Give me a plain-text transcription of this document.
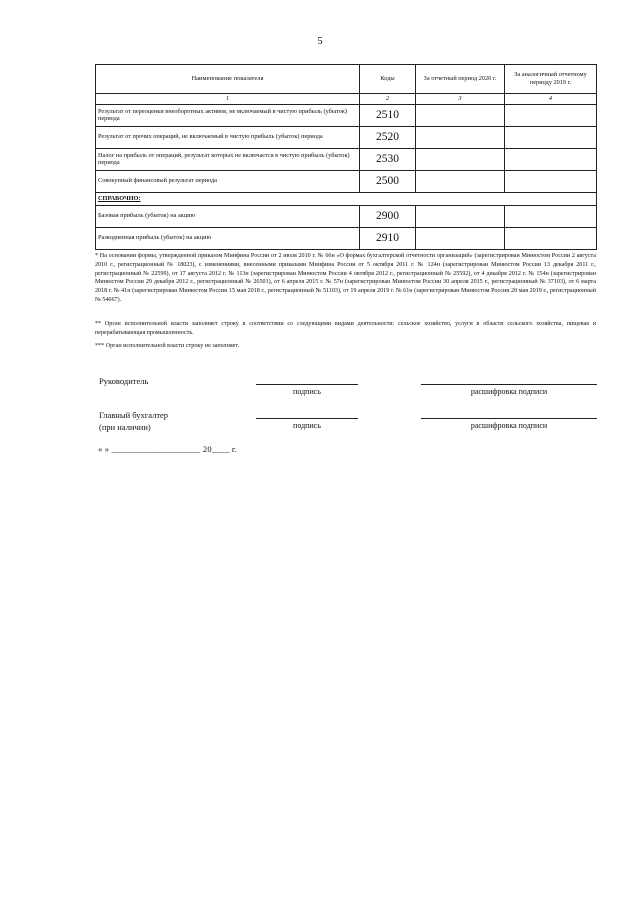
5
Наименование показателя	Коды	За отчетный период 2020 г.	За аналогичный отчетному периоду 2019 г.
1	2	3	4
Результат от переоценки внеоборотных активов, не включаемый в чистую прибыль (убыток) периода	2510		
Результат от прочих операций, не включаемый в чистую прибыль (убыток) периода	2520		
Налог на прибыль от операций, результат которых не включается в чистую прибыль (убыток) периода	2530		
Совокупный финансовый результат периода	2500		
СПРАВОЧНО:			
Базовая прибыль (убыток) на акцию	2900		
Разводненная прибыль (убыток) на акцию	2910		
* На основании формы, утвержденной приказом Минфина России от 2 июля 2010 г. № 66н «О формах бухгалтерской отчетности организаций» (зарегистрирован Минюстом России 2 августа 2010 г., регистрационный № 18023), с изменениями, внесенными приказами Минфина России от 5 октября 2011 г. № 124н (зарегистрирован Минюстом России 13 декабря 2011 г., регистрационный № 22599), от 17 августа 2012 г. № 113н (зарегистрирован Минюстом России 4 октября 2012 г., регистрационный № 25592), от 4 декабря 2012 г. № 154н (зарегистрирован Минюстом России 29 декабря 2012 г., регистрационный № 26501), от 6 апреля 2015 г. № 57н (зарегистрирован Минюстом России 30 апреля 2015 г., регистрационный № 37103), от 6 марта 2018 г. № 41н (зарегистрирован Минюстом России 15 мая 2018 г., регистрационный № 51103), от 19 апреля 2019 г. № 61н (зарегистрирован Минюстом России 20 мая 2019 г., регистрационный № 54667).
** Орган исполнительной власти заполняет строку в соответствии со следующими видами деятельности: сельское хозяйство, услуги в области сельского хозяйства, пищевая и перерабатывающая промышленность.
*** Орган исполнительной власти строку не заполняет.
Руководитель
подпись	расшифровка подписи
Главный бухгалтер
(при наличии)	подпись	расшифровка подписи
« » ____________________ 20____ г.
